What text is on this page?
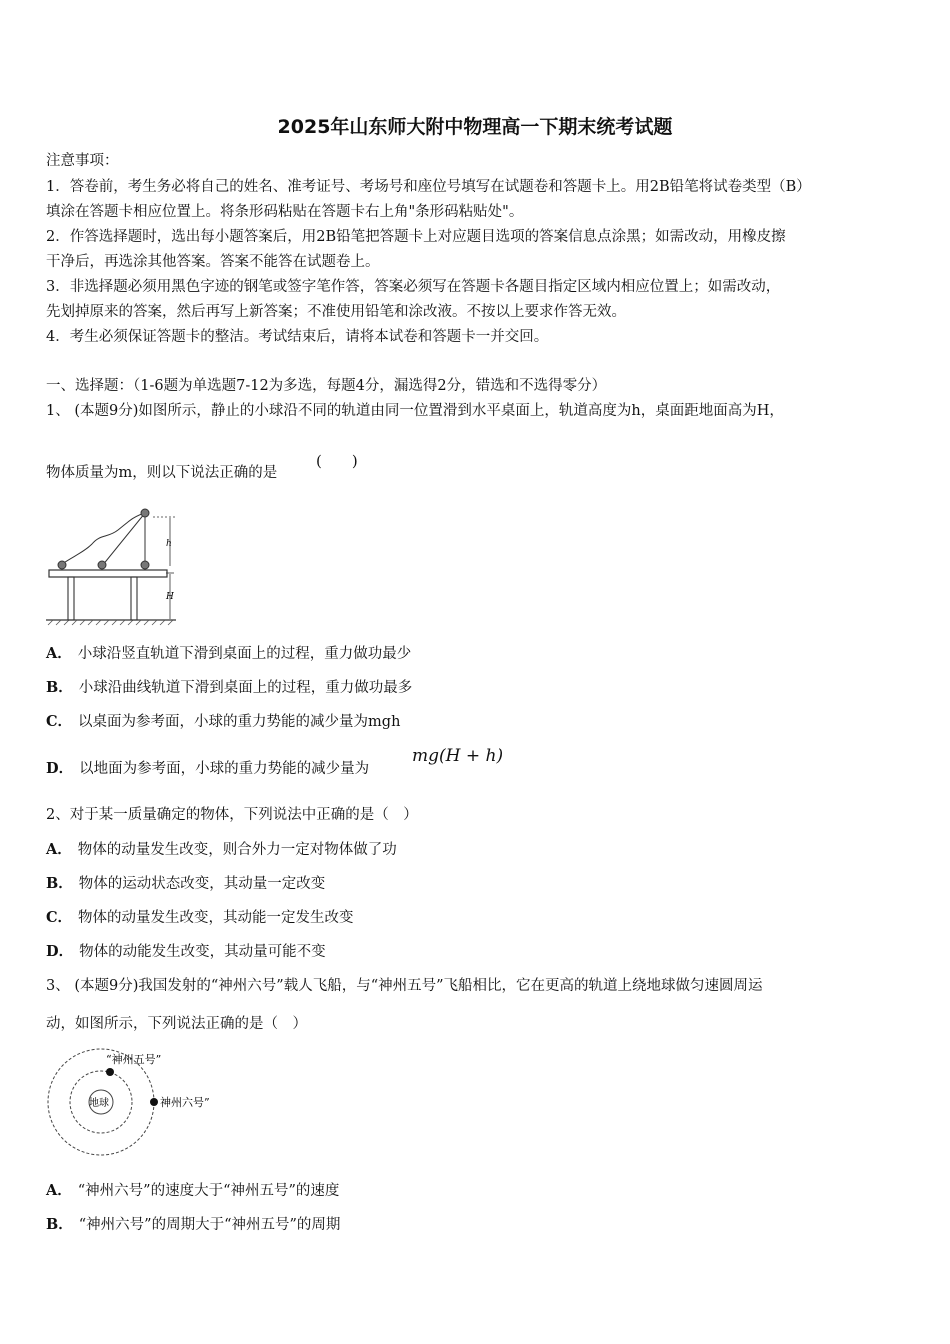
2025年山东师大附中物理高一下期末统考试题
注意事项：
1．答卷前，考生务必将自己的姓名、准考证号、考场号和座位号填写在试题卷和答题卡上。用2B铅笔将试卷类型（B）
填涂在答题卡相应位置上。将条形码粘贴在答题卡右上角"条形码粘贴处"。
2．作答选择题时，选出每小题答案后，用2B铅笔把答题卡上对应题目选项的答案信息点涂黑；如需改动，用橡皮擦
干净后，再选涂其他答案。答案不能答在试题卷上。
3．非选择题必须用黑色字迹的钢笔或签字笔作答，答案必须写在答题卡各题目指定区域内相应位置上；如需改动，
先划掉原来的答案，然后再写上新答案；不准使用铅笔和涂改液。不按以上要求作答无效。
4．考生必须保证答题卡的整洁。考试结束后，请将本试卷和答题卡一并交回。
一、选择题：（1-6题为单选题7-12为多选，每题4分，漏选得2分，错选和不选得零分）
1、 (本题9分)如图所示，静止的小球沿不同的轨道由同一位置滑到水平桌面上，轨道高度为h，桌面距地面高为H，
物体质量为m，则以下说法正确的是
(　　)
h
H
A． 小球沿竖直轨道下滑到桌面上的过程，重力做功最少
B． 小球沿曲线轨道下滑到桌面上的过程，重力做功最多
C． 以桌面为参考面，小球的重力势能的减少量为mgh
D． 以地面为参考面，小球的重力势能的减少量为
mg(H + h)
2、对于某一质量确定的物体，下列说法中正确的是（　）
A． 物体的动量发生改变，则合外力一定对物体做了功
B． 物体的运动状态改变，其动量一定改变
C． 物体的动量发生改变，其动能一定发生改变
D． 物体的动能发生改变，其动量可能不变
3、 (本题9分)我国发射的“神州六号”载人飞船，与“神州五号”飞船相比，它在更高的轨道上绕地球做匀速圆周运
动，如图所示，下列说法正确的是（　）
地球
“神州五号”
神州六号”
A． “神州六号”的速度大于“神州五号”的速度
B． “神州六号”的周期大于“神州五号”的周期
